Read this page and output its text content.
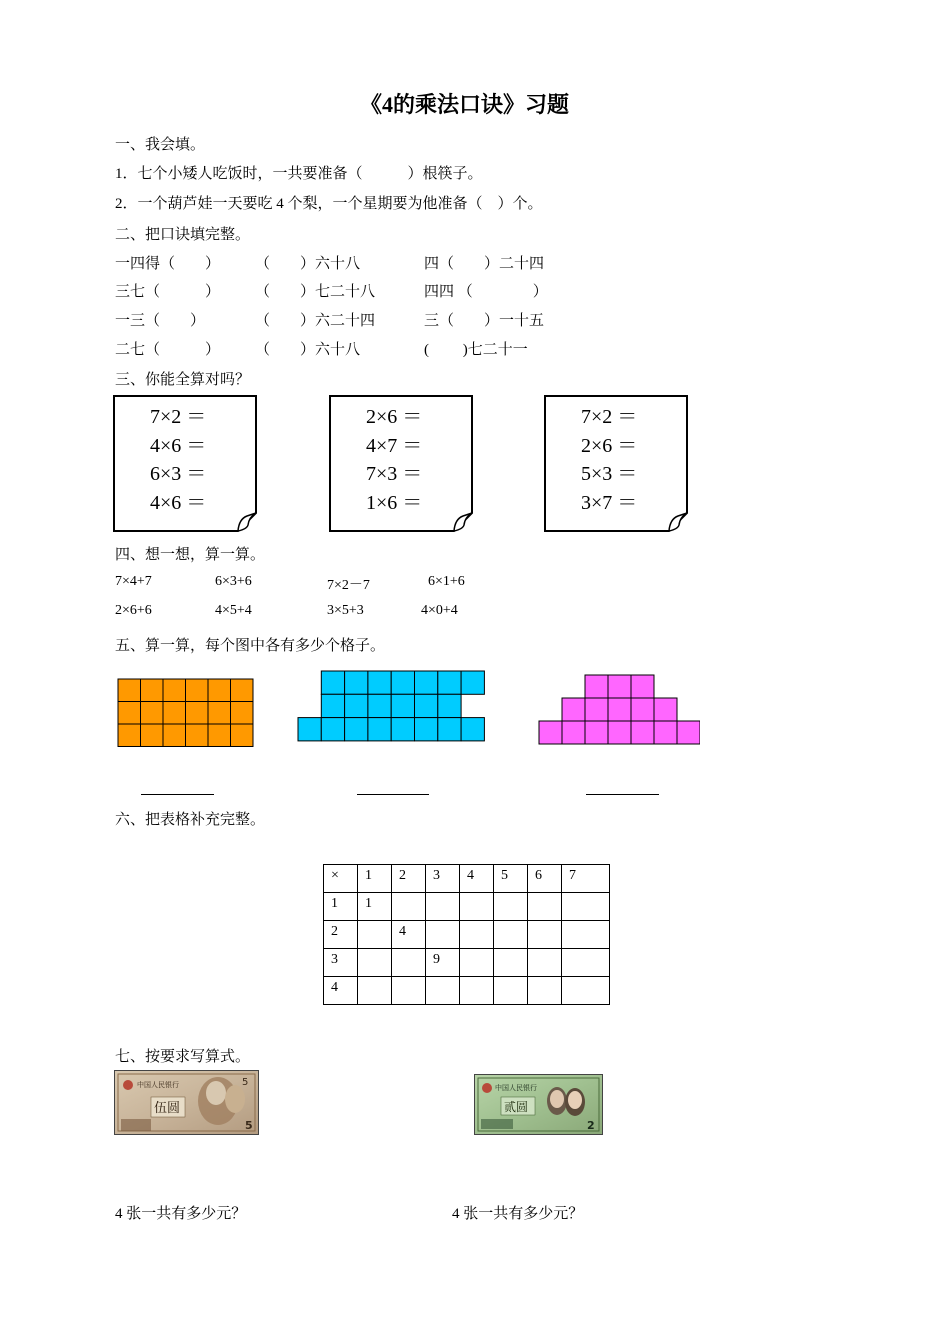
《4的乘法口诀》习题
一、我会填。
1．七个小矮人吃饭时，一共要准备（　　　）根筷子。
2．一个葫芦娃一天要吃 4 个梨，一个星期要为他准备（　）个。
二、把口诀填完整。
一四得（　　） （　　）六十八	四（　　）二十四
三七（　　　） （　　）七二十八	四四 （　　　　）
一三（　　）	（　　）六二十四	三（　　）一十五
二七（　　　） （　　）六十八	(　　 )七二十一
三、你能全算对吗？
7×2 ＝
4×6 ＝
6×3 ＝
4×6 ＝
2×6 ＝
4×7 ＝
7×3 ＝
1×6 ＝
7×2 ＝
2×6 ＝
5×3 ＝
3×7 ＝
四、想一想，算一算。
7×4+7	6×3+6	7×2－7	6×1+6
2×6+6	4×5+4	3×5+3	4×0+4
五、算一算，每个图中各有多少个格子。
六、把表格补充完整。
×	1	2	3	4	5	6	7
1	1						
2		4					
3			9				
4							
七、按要求写算式。
中国人民银行
伍圆
5
5
中国人民银行
贰圆
2
4 张一共有多少元？	4 张一共有多少元？
